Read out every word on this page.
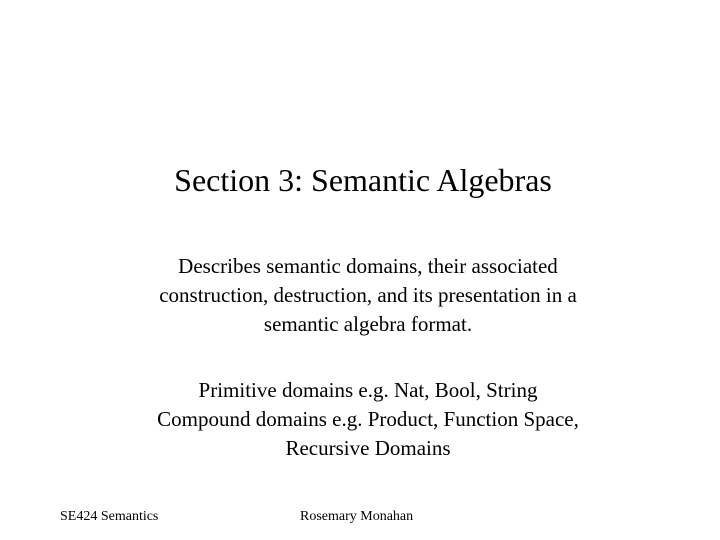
Section 3: Semantic Algebras
Describes semantic domains, their associated
construction, destruction, and its presentation in a
semantic algebra format.
Primitive domains e.g. Nat, Bool, String
Compound domains e.g. Product, Function Space,
Recursive Domains
SE424 Semantics	Rosemary Monahan
